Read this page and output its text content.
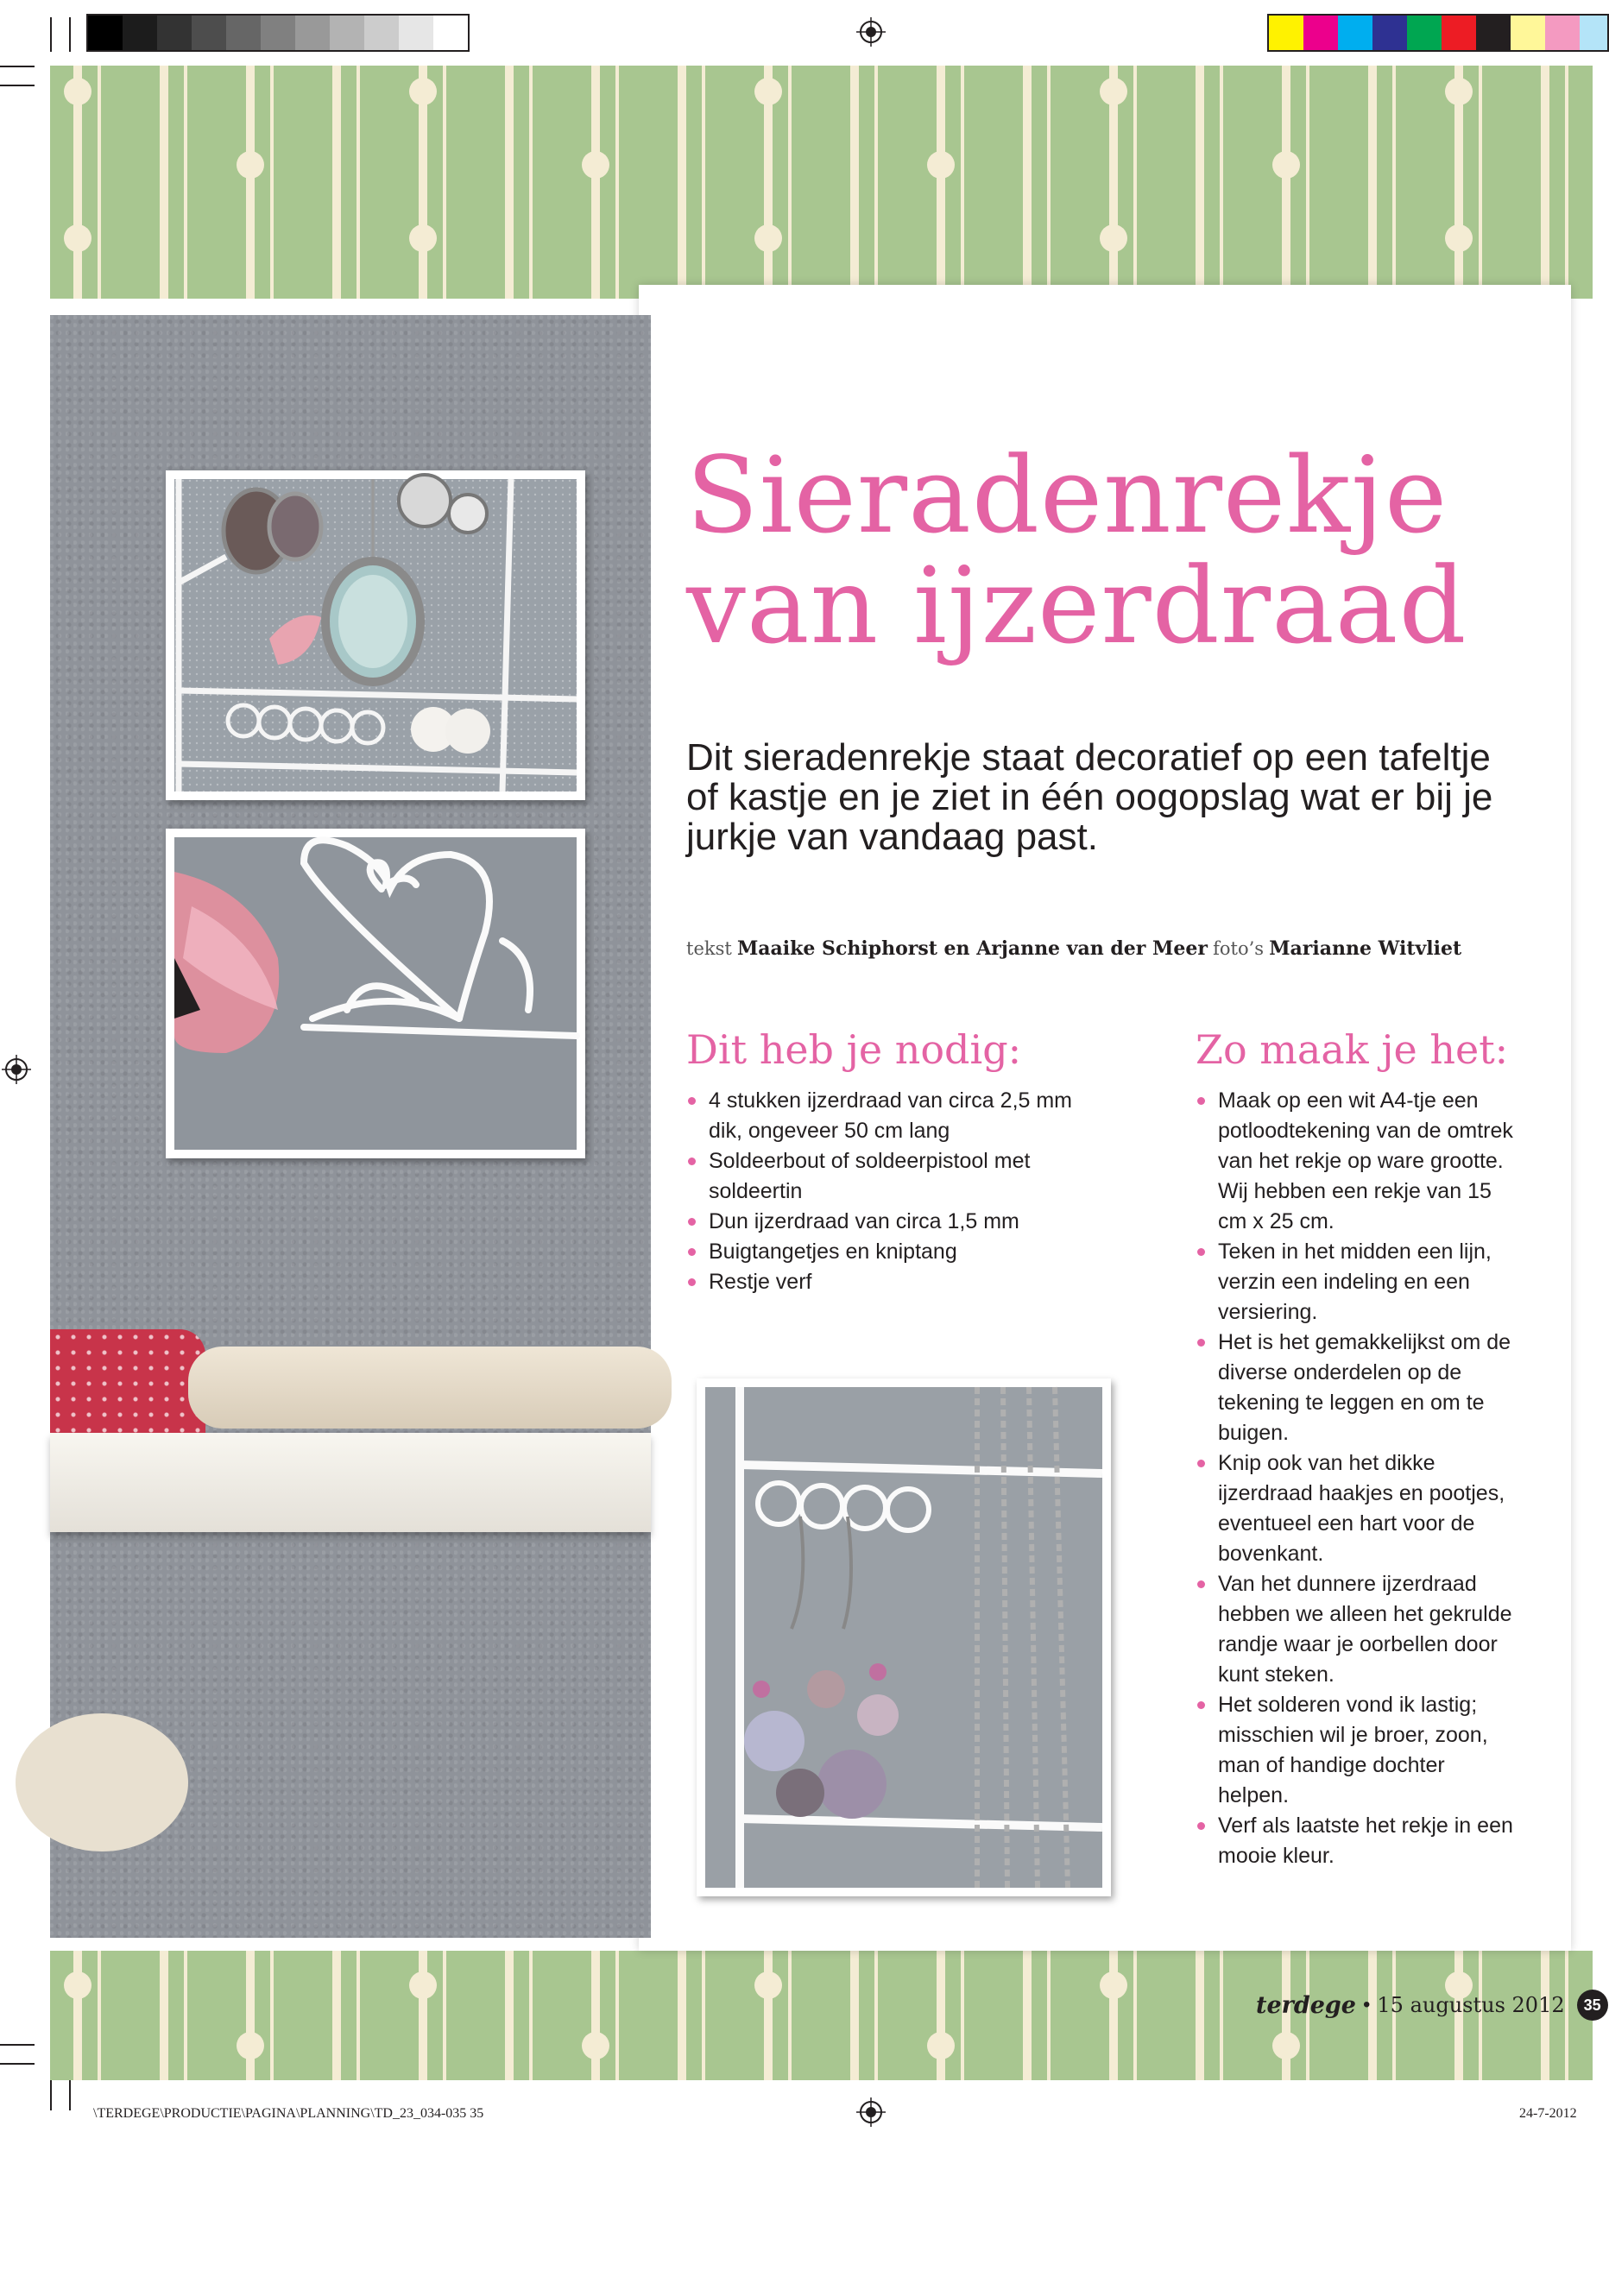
Sieradenrekje
van ijzerdraad

Dit sieradenrekje staat decoratief op een tafeltje of kastje en je ziet in één oogopslag wat er bij je jurkje van vandaag past.

tekst Maaike Schiphorst en Arjanne van der Meer foto’s Marianne Witvliet
Dit heb je nodig:
4 stukken ijzerdraad van circa 2,5 mm dik, ongeveer 50 cm lang
Soldeerbout of soldeerpistool met soldeertin
Dun ijzerdraad van circa 1,5 mm
Buigtangetjes en kniptang
Restje verf
Zo maak je het:
Maak op een wit A4-tje een potloodtekening van de omtrek van het rekje op ware grootte. Wij hebben een rekje van 15 cm x 25 cm.
Teken in het midden een lijn, verzin een indeling en een versiering.
Het is het gemakkelijkst om de diverse onderdelen op de tekening te leggen en om te buigen.
Knip ook van het dikke ijzerdraad haakjes en pootjes, eventueel een hart voor de bovenkant.
Van het dunnere ijzerdraad hebben we alleen het gekrulde randje waar je oorbellen door kunt steken.
Het solderen vond ik lastig; misschien wil je broer, zoon, man of handige dochter helpen.
Verf als laatste het rekje in een mooie kleur.
terdege • 15 augustus 2012	35
\TERDEGE\PRODUCTIE\PAGINA\PLANNING\TD_23_034-035 35	24-7-2012
